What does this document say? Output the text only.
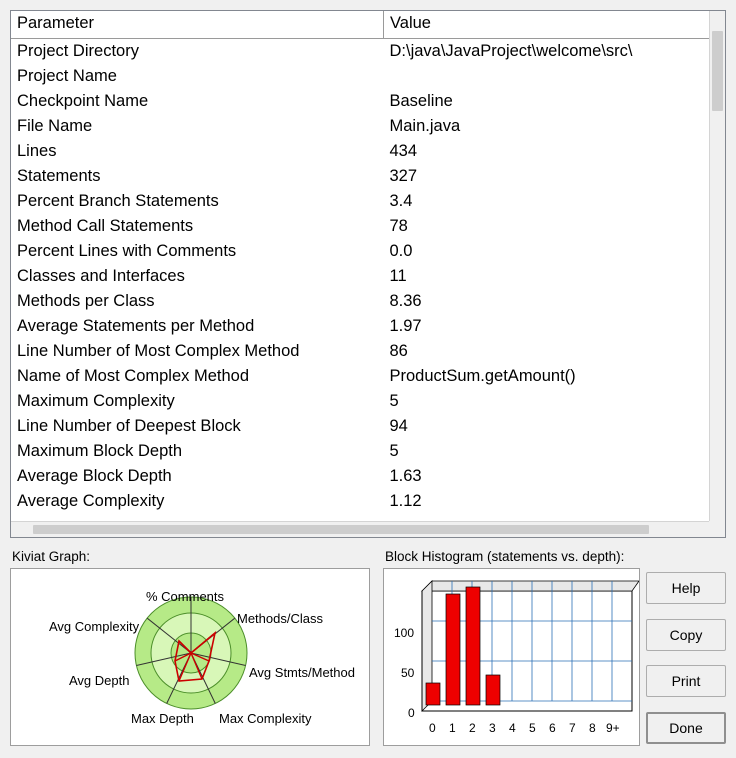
Parameter	Value
Project Directory	D:\java\JavaProject\welcome\src\
Project Name	
Checkpoint Name	Baseline
File Name	Main.java
Lines	434
Statements	327
Percent Branch Statements	3.4
Method Call Statements	78
Percent Lines with Comments	0.0
Classes and Interfaces	11
Methods per Class	8.36
Average Statements per Method	1.97
Line Number of Most Complex Method	86
Name of Most Complex Method	ProductSum.getAmount()
Maximum Complexity	5
Line Number of Deepest Block	94
Maximum Block Depth	5
Average Block Depth	1.63
Average Complexity	1.12
Kiviat Graph:
% Comments
Methods/Class
Avg Stmts/Method
Max Complexity
Max Depth
Avg Depth
Avg Complexity
Block Histogram (statements vs. depth):
100
50
0
0 1 2 3 4 5 6 7 8 9+
Help
Copy
Print
Done
